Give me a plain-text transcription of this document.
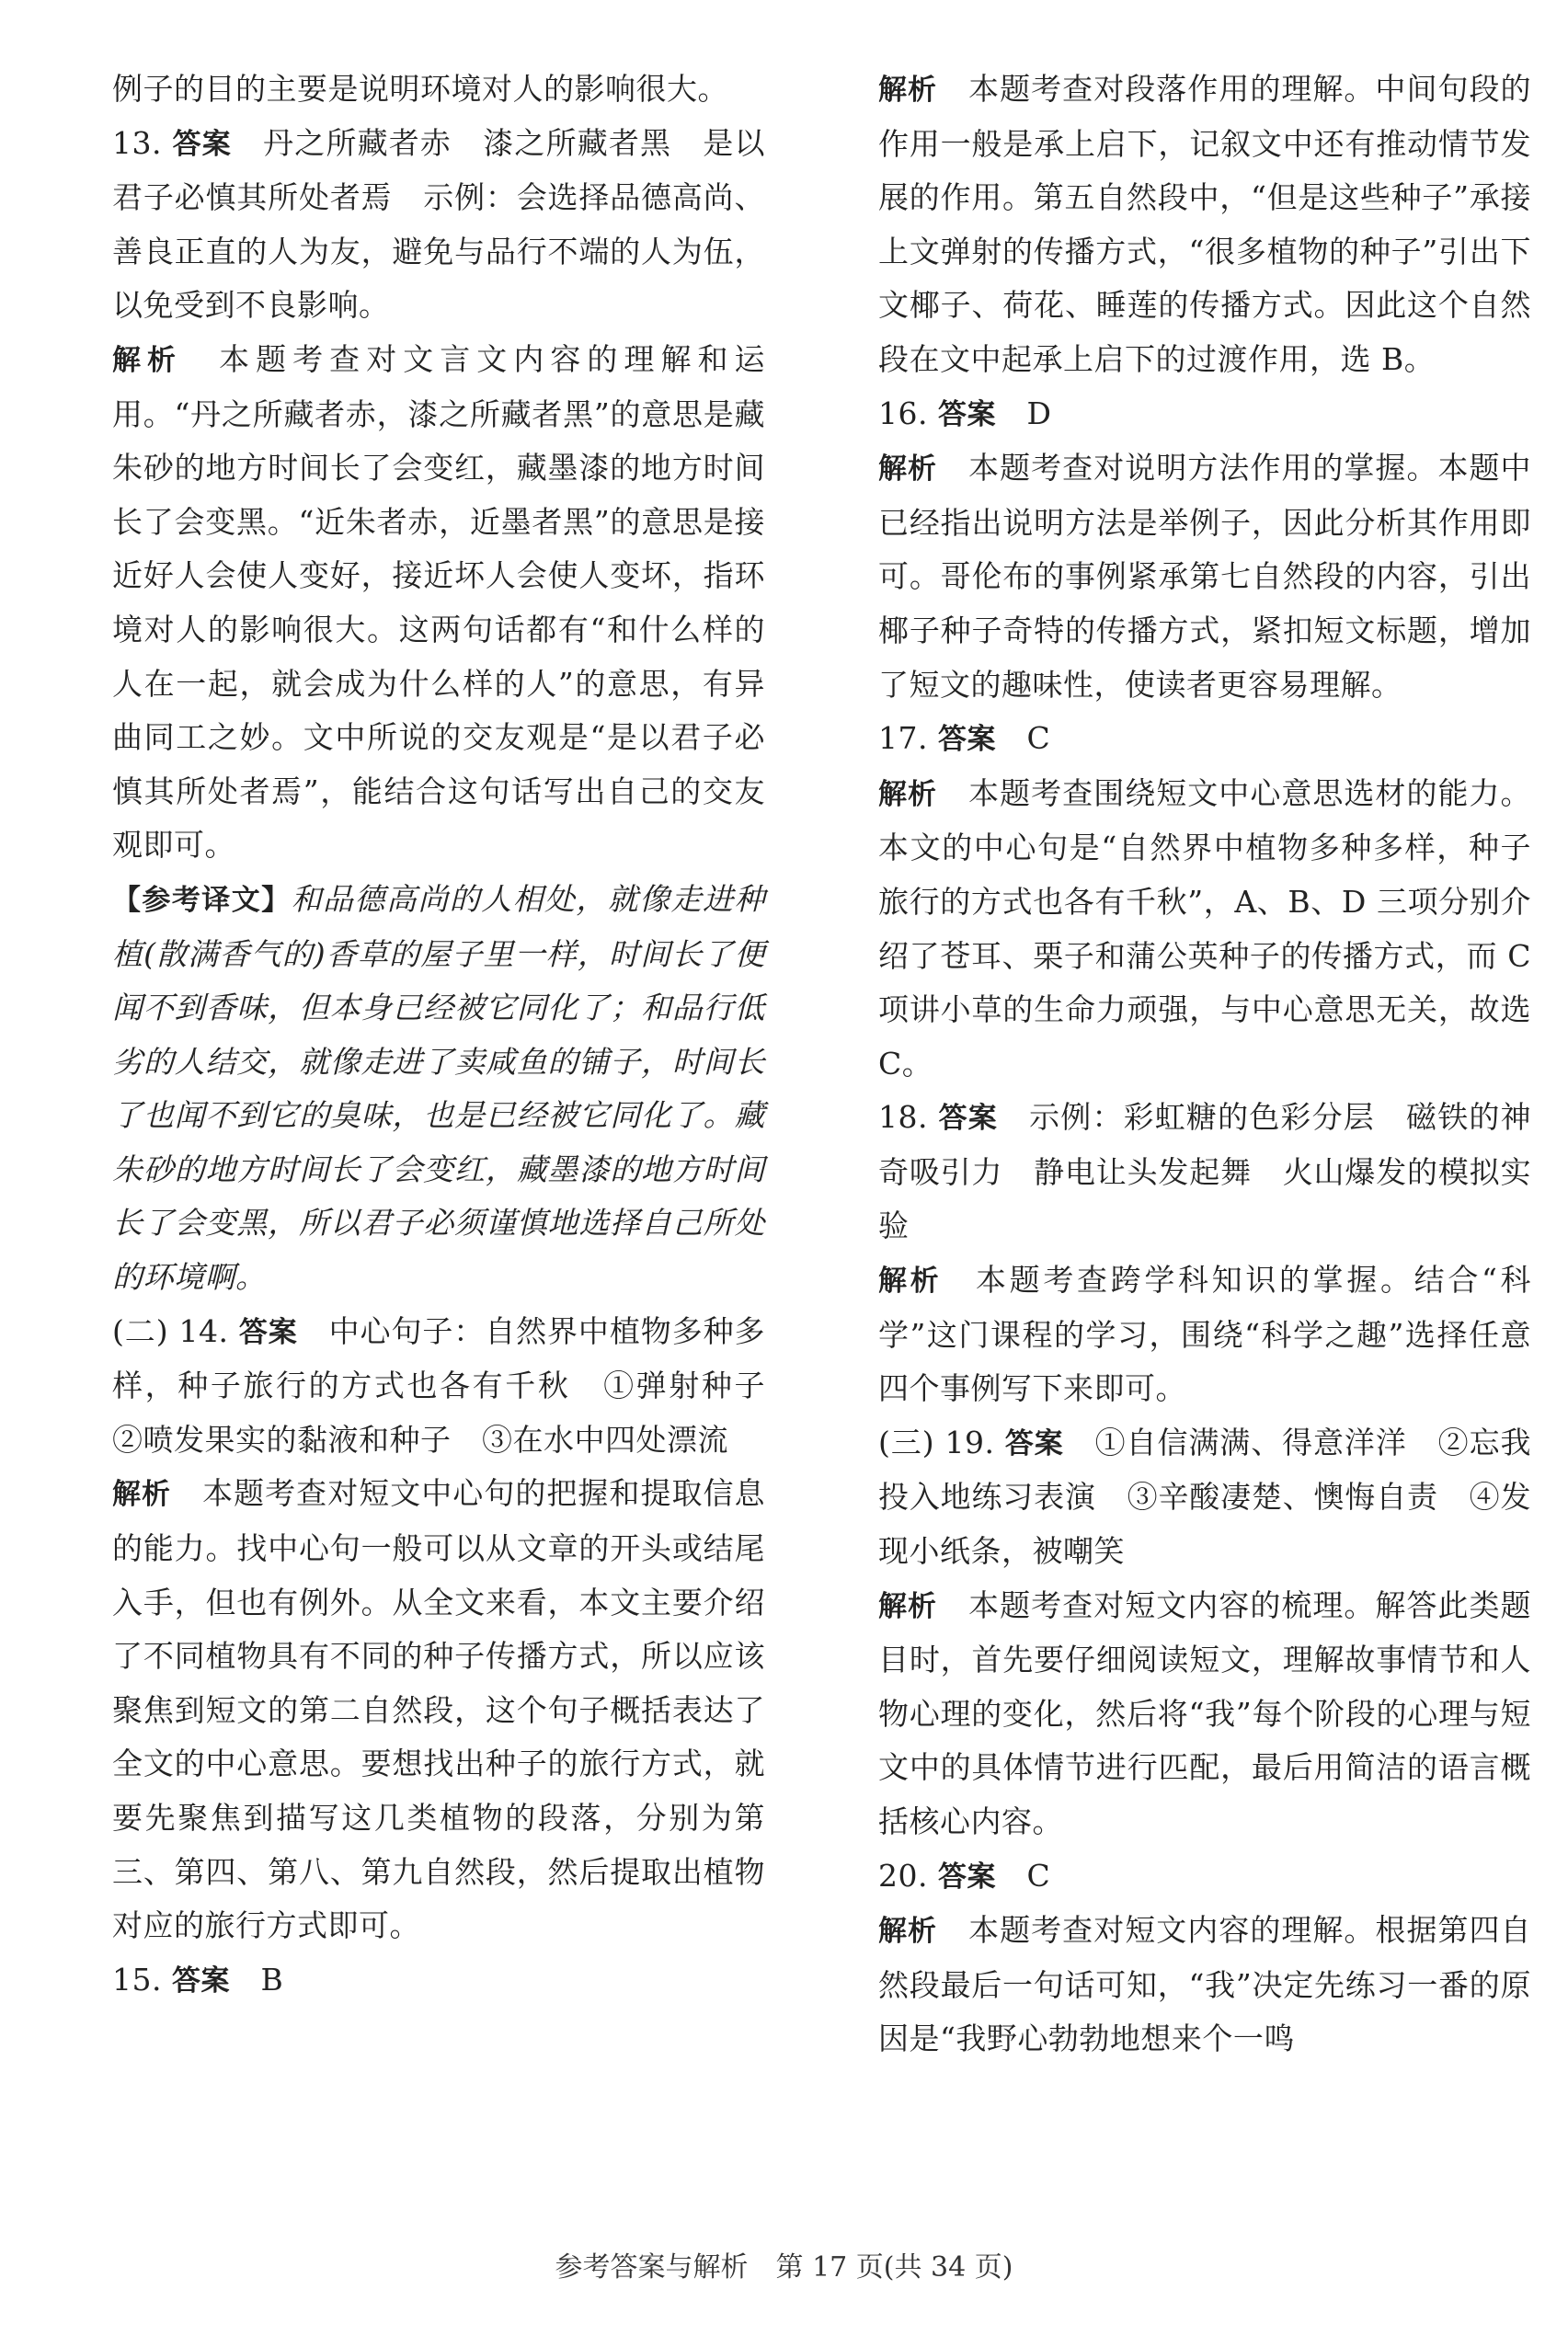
例子的目的主要是说明环境对人的影响很大。

13. 答案　 丹之所藏者赤　漆之所藏者黑　是以君子必慎其所处者焉　示例：会选择品德高尚、善良正直的人为友，避免与品行不端的人为伍，以免受到不良影响。

解析　 本题考查对文言文内容的理解和运用。“丹之所藏者赤，漆之所藏者黑”的意思是藏朱砂的地方时间长了会变红，藏墨漆的地方时间长了会变黑。“近朱者赤，近墨者黑”的意思是接近好人会使人变好，接近坏人会使人变坏，指环境对人的影响很大。这两句话都有“和什么样的人在一起，就会成为什么样的人”的意思，有异曲同工之妙。文中所说的交友观是“是以君子必慎其所处者焉”，能结合这句话写出自己的交友观即可。

【参考译文】和品德高尚的人相处，就像走进种植(散满香气的)香草的屋子里一样，时间长了便闻不到香味，但本身已经被它同化了；和品行低劣的人结交，就像走进了卖咸鱼的铺子，时间长了也闻不到它的臭味，也是已经被它同化了。藏朱砂的地方时间长了会变红，藏墨漆的地方时间长了会变黑，所以君子必须谨慎地选择自己所处的环境啊。

(二) 14. 答案　 中心句子：自然界中植物多种多样，种子旅行的方式也各有千秋　①弹射种子　②喷发果实的黏液和种子　③在水中四处漂流

解析　 本题考查对短文中心句的把握和提取信息的能力。找中心句一般可以从文章的开头或结尾入手，但也有例外。从全文来看，本文主要介绍了不同植物具有不同的种子传播方式，所以应该聚焦到短文的第二自然段，这个句子概括表达了全文的中心意思。要想找出种子的旅行方式，就要先聚焦到描写这几类植物的段落，分别为第三、第四、第八、第九自然段，然后提取出植物对应的旅行方式即可。

15. 答案　 B

解析　 本题考查对段落作用的理解。中间句段的作用一般是承上启下，记叙文中还有推动情节发展的作用。第五自然段中，“但是这些种子”承接上文弹射的传播方式，“很多植物的种子”引出下文椰子、荷花、睡莲的传播方式。因此这个自然段在文中起承上启下的过渡作用，选 B。

16. 答案　 D

解析　 本题考查对说明方法作用的掌握。本题中已经指出说明方法是举例子，因此分析其作用即可。哥伦布的事例紧承第七自然段的内容，引出椰子种子奇特的传播方式，紧扣短文标题，增加了短文的趣味性，使读者更容易理解。

17. 答案　 C

解析　 本题考查围绕短文中心意思选材的能力。本文的中心句是“自然界中植物多种多样，种子旅行的方式也各有千秋”，A、B、D 三项分别介绍了苍耳、栗子和蒲公英种子的传播方式，而 C 项讲小草的生命力顽强，与中心意思无关，故选 C。

18. 答案　 示例：彩虹糖的色彩分层　磁铁的神奇吸引力　静电让头发起舞　火山爆发的模拟实验

解析　 本题考查跨学科知识的掌握。结合“科学”这门课程的学习，围绕“科学之趣”选择任意四个事例写下来即可。

(三) 19. 答案　 ①自信满满、得意洋洋　②忘我投入地练习表演　③辛酸凄楚、懊悔自责　④发现小纸条，被嘲笑

解析　 本题考查对短文内容的梳理。解答此类题目时，首先要仔细阅读短文，理解故事情节和人物心理的变化，然后将“我”每个阶段的心理与短文中的具体情节进行匹配，最后用简洁的语言概括核心内容。

20. 答案　 C

解析　 本题考查对短文内容的理解。根据第四自然段最后一句话可知，“我”决定先练习一番的原因是“我野心勃勃地想来个一鸣

参考答案与解析　第 17 页(共 34 页)
